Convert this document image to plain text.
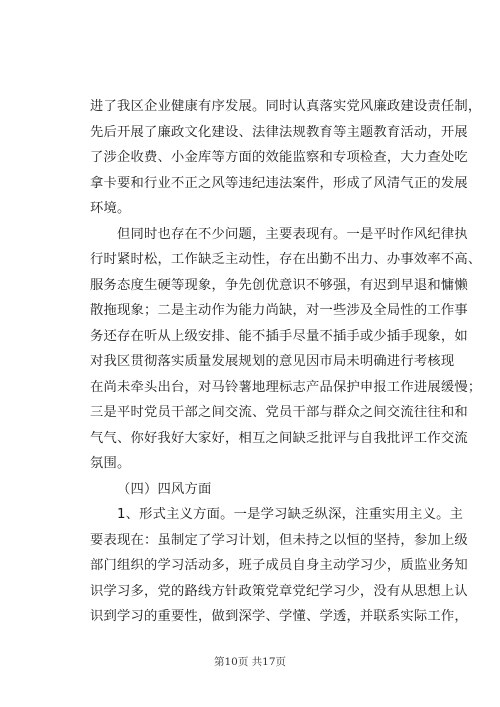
进了我区企业健康有序发展。同时认真落实党风廉政建设责任制，
先后开展了廉政文化建设、法律法规教育等主题教育活动，开展
了涉企收费、小金库等方面的效能监察和专项检查，大力查处吃
拿卡要和行业不正之风等违纪违法案件，形成了风清气正的发展
环境。
但同时也存在不少问题，主要表现有。一是平时作风纪律执
行时紧时松，工作缺乏主动性，存在出勤不出力、办事效率不高、
服务态度生硬等现象，争先创优意识不够强，有迟到早退和慵懒
散拖现象；二是主动作为能力尚缺，对一些涉及全局性的工作事
务还存在听从上级安排、能不插手尽量不插手或少插手现象，如
对我区贯彻落实质量发展规划的意见因市局未明确进行考核现
在尚未牵头出台，对马铃薯地理标志产品保护申报工作进展缓慢；
三是平时党员干部之间交流、党员干部与群众之间交流往往和和
气气、你好我好大家好，相互之间缺乏批评与自我批评工作交流
氛围。
（四）四风方面
1、形式主义方面。一是学习缺乏纵深，注重实用主义。主
要表现在：虽制定了学习计划，但未持之以恒的坚持，参加上级
部门组织的学习活动多，班子成员自身主动学习少，质监业务知
识学习多，党的路线方针政策党章党纪学习少，没有从思想上认
识到学习的重要性，做到深学、学懂、学透，并联系实际工作，
第10页 共17页
